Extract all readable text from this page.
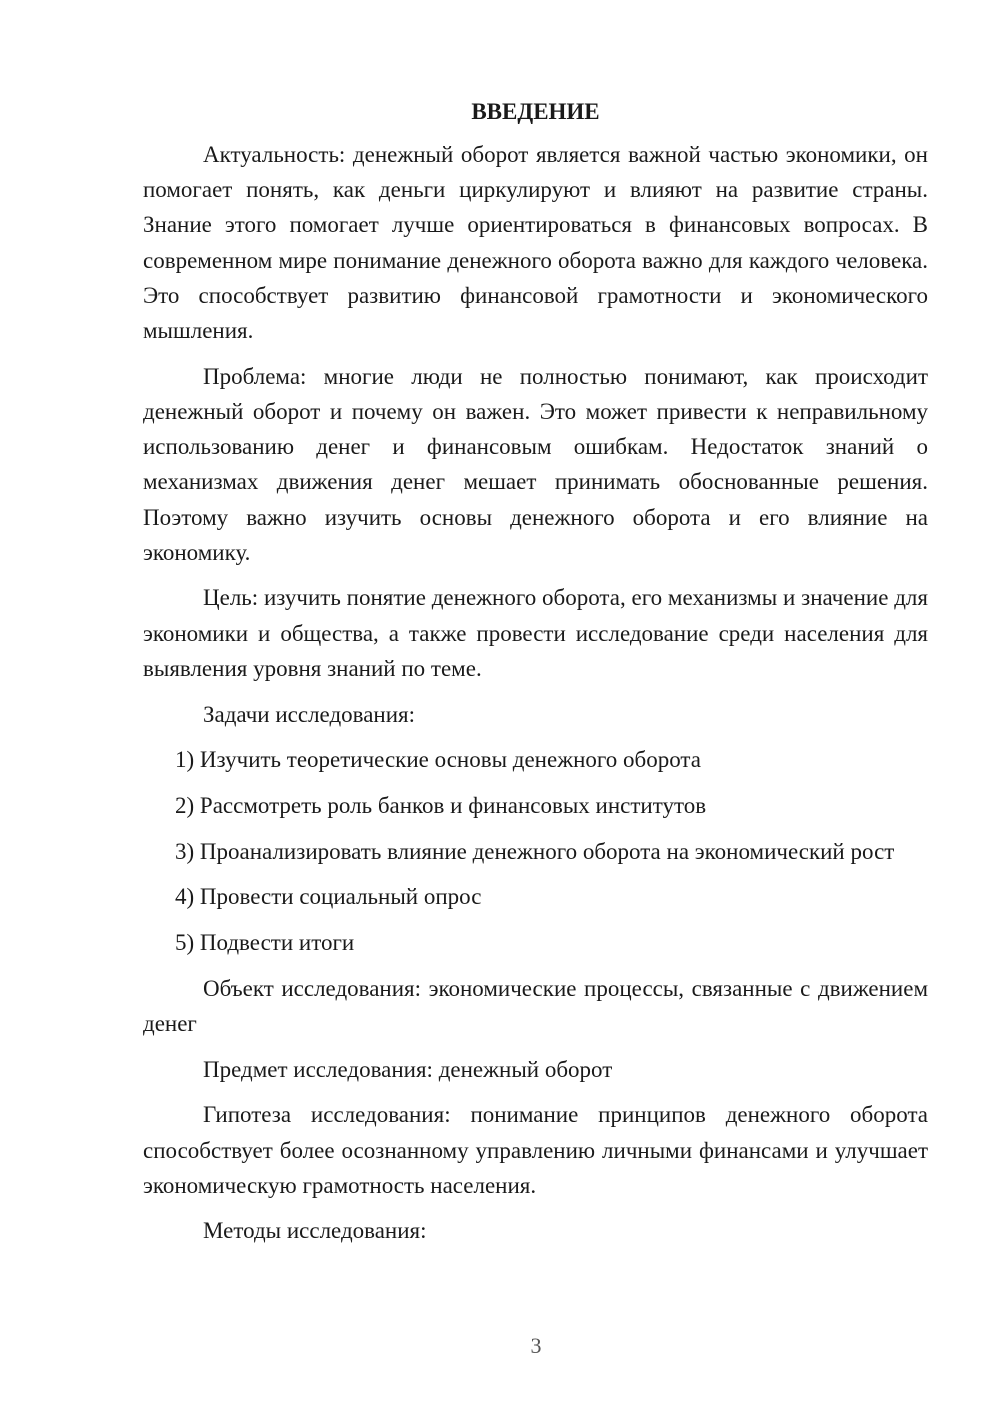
ВВЕДЕНИЕ

Актуальность: денежный оборот является важной частью экономики, он помогает понять, как деньги циркулируют и влияют на развитие страны. Знание этого помогает лучше ориентироваться в финансовых вопросах. В современном мире понимание денежного оборота важно для каждого человека. Это способствует развитию финансовой грамотности и экономического мышления.

Проблема: многие люди не полностью понимают, как происходит денежный оборот и почему он важен. Это может привести к неправильному использованию денег и финансовым ошибкам. Недостаток знаний о механизмах движения денег мешает принимать обоснованные решения. Поэтому важно изучить основы денежного оборота и его влияние на экономику.

Цель: изучить понятие денежного оборота, его механизмы и значение для экономики и общества, а также провести исследование среди населения для выявления уровня знаний по теме.

Задачи исследования:

1) Изучить теоретические основы денежного оборота

2) Рассмотреть роль банков и финансовых институтов

3) Проанализировать влияние денежного оборота на экономический рост

4) Провести социальный опрос

5) Подвести итоги

Объект исследования: экономические процессы, связанные с движением денег

Предмет исследования: денежный оборот

Гипотеза исследования: понимание принципов денежного оборота способствует более осознанному управлению личными финансами и улучшает экономическую грамотность населения.

Методы исследования:

3
